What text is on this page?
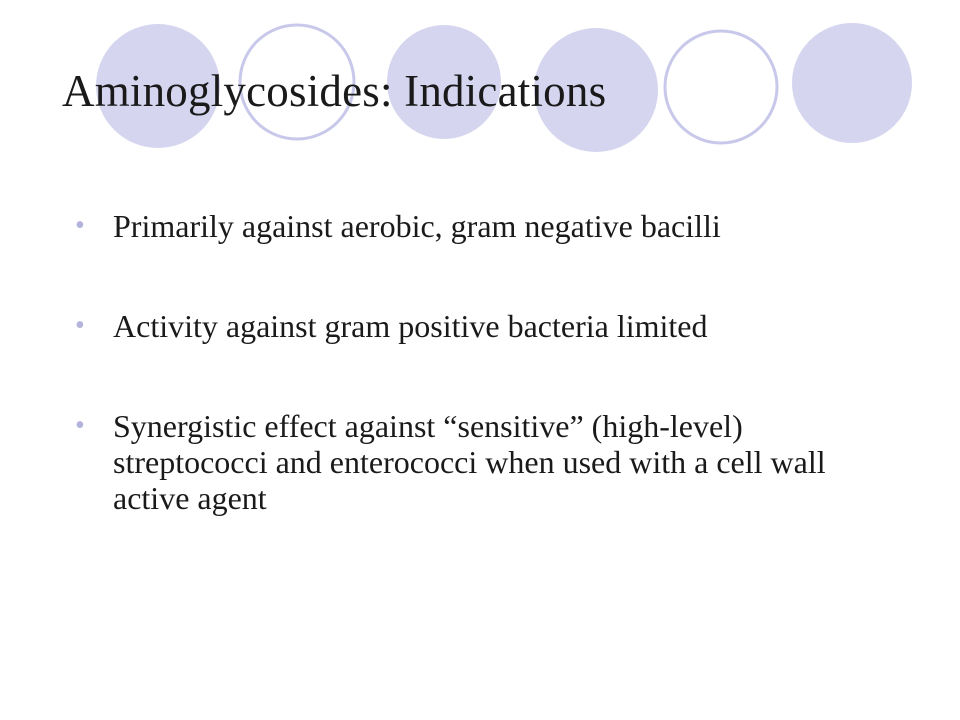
Aminoglycosides: Indications
• Primarily against aerobic, gram negative bacilli
• Activity against gram positive bacteria limited
• Synergistic effect against “sensitive” (high-level) streptococci and enterococci when used with a cell wall active agent
